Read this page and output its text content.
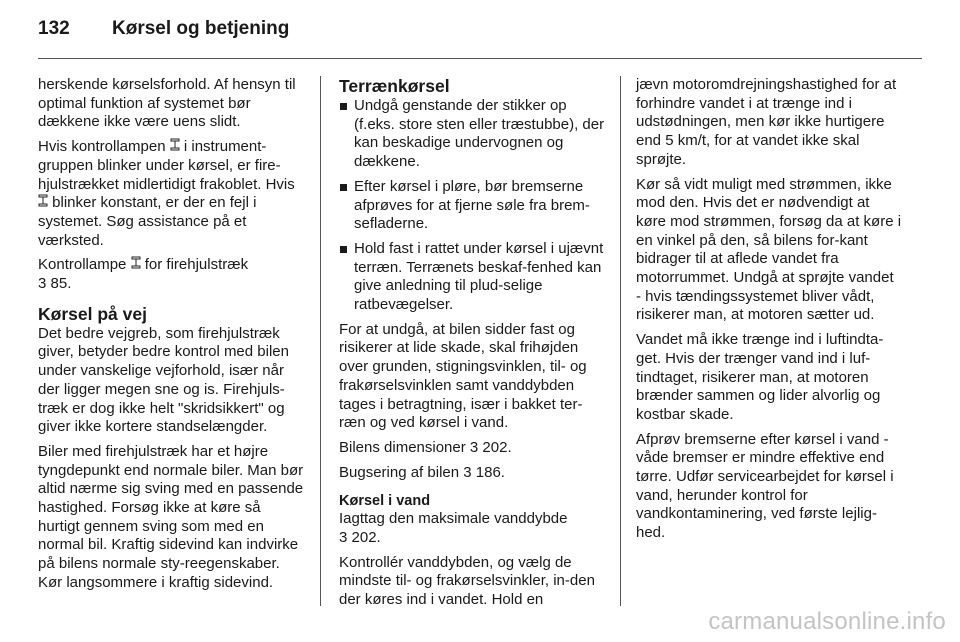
132 Kørsel og betjening

herskende kørselsforhold. Af hensyn til optimal funktion af systemet bør dækkene ikke være uens slidt.

Hvis kontrollampen  i instrument-gruppen blinker under kørsel, er fire-hjulstrækket midlertidigt frakoblet. Hvis  blinker konstant, er der en fejl i systemet. Søg assistance på et værksted.

Kontrollampe  for firehjulstræk
3 85.

Kørsel på vej

Det bedre vejgreb, som firehjulstræk giver, betyder bedre kontrol med bilen under vanskelige vejforhold, især når der ligger megen sne og is. Firehjuls-træk er dog ikke helt "skridsikkert" og giver ikke kortere standselængder.

Biler med firehjulstræk har et højre tyngdepunkt end normale biler. Man bør altid nærme sig sving med en passende hastighed. Forsøg ikke at køre så hurtigt gennem sving som med en normal bil. Kraftig sidevind kan indvirke på bilens normale sty-reegenskaber. Kør langsommere i kraftig sidevind.

Terrænkørsel
Undgå genstande der stikker op (f.eks. store sten eller træstubbe), der kan beskadige undervognen og dækkene.
Efter kørsel i pløre, bør bremserne afprøves for at fjerne søle fra brem-sefladerne.
Hold fast i rattet under kørsel i ujævnt terræn. Terrænets beskaf-fenhed kan give anledning til plud-selige ratbevægelser.

For at undgå, at bilen sidder fast og risikerer at lide skade, skal frihøjden over grunden, stigningsvinklen, til- og frakørselsvinklen samt vanddybden tages i betragtning, især i bakket ter-ræn og ved kørsel i vand.

Bilens dimensioner 3 202.

Bugsering af bilen 3 186.

Kørsel i vand

Iagttag den maksimale vanddybde
3 202.

Kontrollér vanddybden, og vælg de mindste til- og frakørselsvinkler, in-den der køres ind i vandet. Hold en

jævn motoromdrejningshastighed for at forhindre vandet i at trænge ind i udstødningen, men kør ikke hurtigere end 5 km/t, for at vandet ikke skal sprøjte.

Kør så vidt muligt med strømmen, ikke mod den. Hvis det er nødvendigt at køre mod strømmen, forsøg da at køre i en vinkel på den, så bilens for-kant bidrager til at aflede vandet fra motorrummet. Undgå at sprøjte vandet - hvis tændingssystemet bliver vådt, risikerer man, at motoren sætter ud.

Vandet må ikke trænge ind i luftindta-get. Hvis der trænger vand ind i luf-tindtaget, risikerer man, at motoren brænder sammen og lider alvorlig og kostbar skade.

Afprøv bremserne efter kørsel i vand - våde bremser er mindre effektive end tørre. Udfør servicearbejdet for kørsel i vand, herunder kontrol for vandkontaminering, ved første lejlig-hed.

carmanualsonline.info
